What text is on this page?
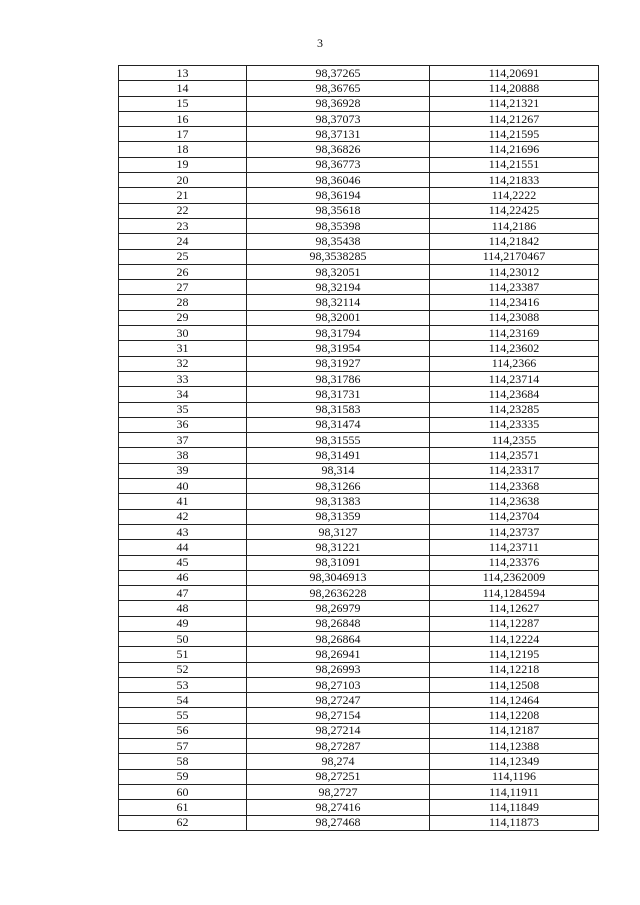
3
13	98,37265	114,20691
14	98,36765	114,20888
15	98,36928	114,21321
16	98,37073	114,21267
17	98,37131	114,21595
18	98,36826	114,21696
19	98,36773	114,21551
20	98,36046	114,21833
21	98,36194	114,2222
22	98,35618	114,22425
23	98,35398	114,2186
24	98,35438	114,21842
25	98,3538285	114,2170467
26	98,32051	114,23012
27	98,32194	114,23387
28	98,32114	114,23416
29	98,32001	114,23088
30	98,31794	114,23169
31	98,31954	114,23602
32	98,31927	114,2366
33	98,31786	114,23714
34	98,31731	114,23684
35	98,31583	114,23285
36	98,31474	114,23335
37	98,31555	114,2355
38	98,31491	114,23571
39	98,314	114,23317
40	98,31266	114,23368
41	98,31383	114,23638
42	98,31359	114,23704
43	98,3127	114,23737
44	98,31221	114,23711
45	98,31091	114,23376
46	98,3046913	114,2362009
47	98,2636228	114,1284594
48	98,26979	114,12627
49	98,26848	114,12287
50	98,26864	114,12224
51	98,26941	114,12195
52	98,26993	114,12218
53	98,27103	114,12508
54	98,27247	114,12464
55	98,27154	114,12208
56	98,27214	114,12187
57	98,27287	114,12388
58	98,274	114,12349
59	98,27251	114,1196
60	98,2727	114,11911
61	98,27416	114,11849
62	98,27468	114,11873
